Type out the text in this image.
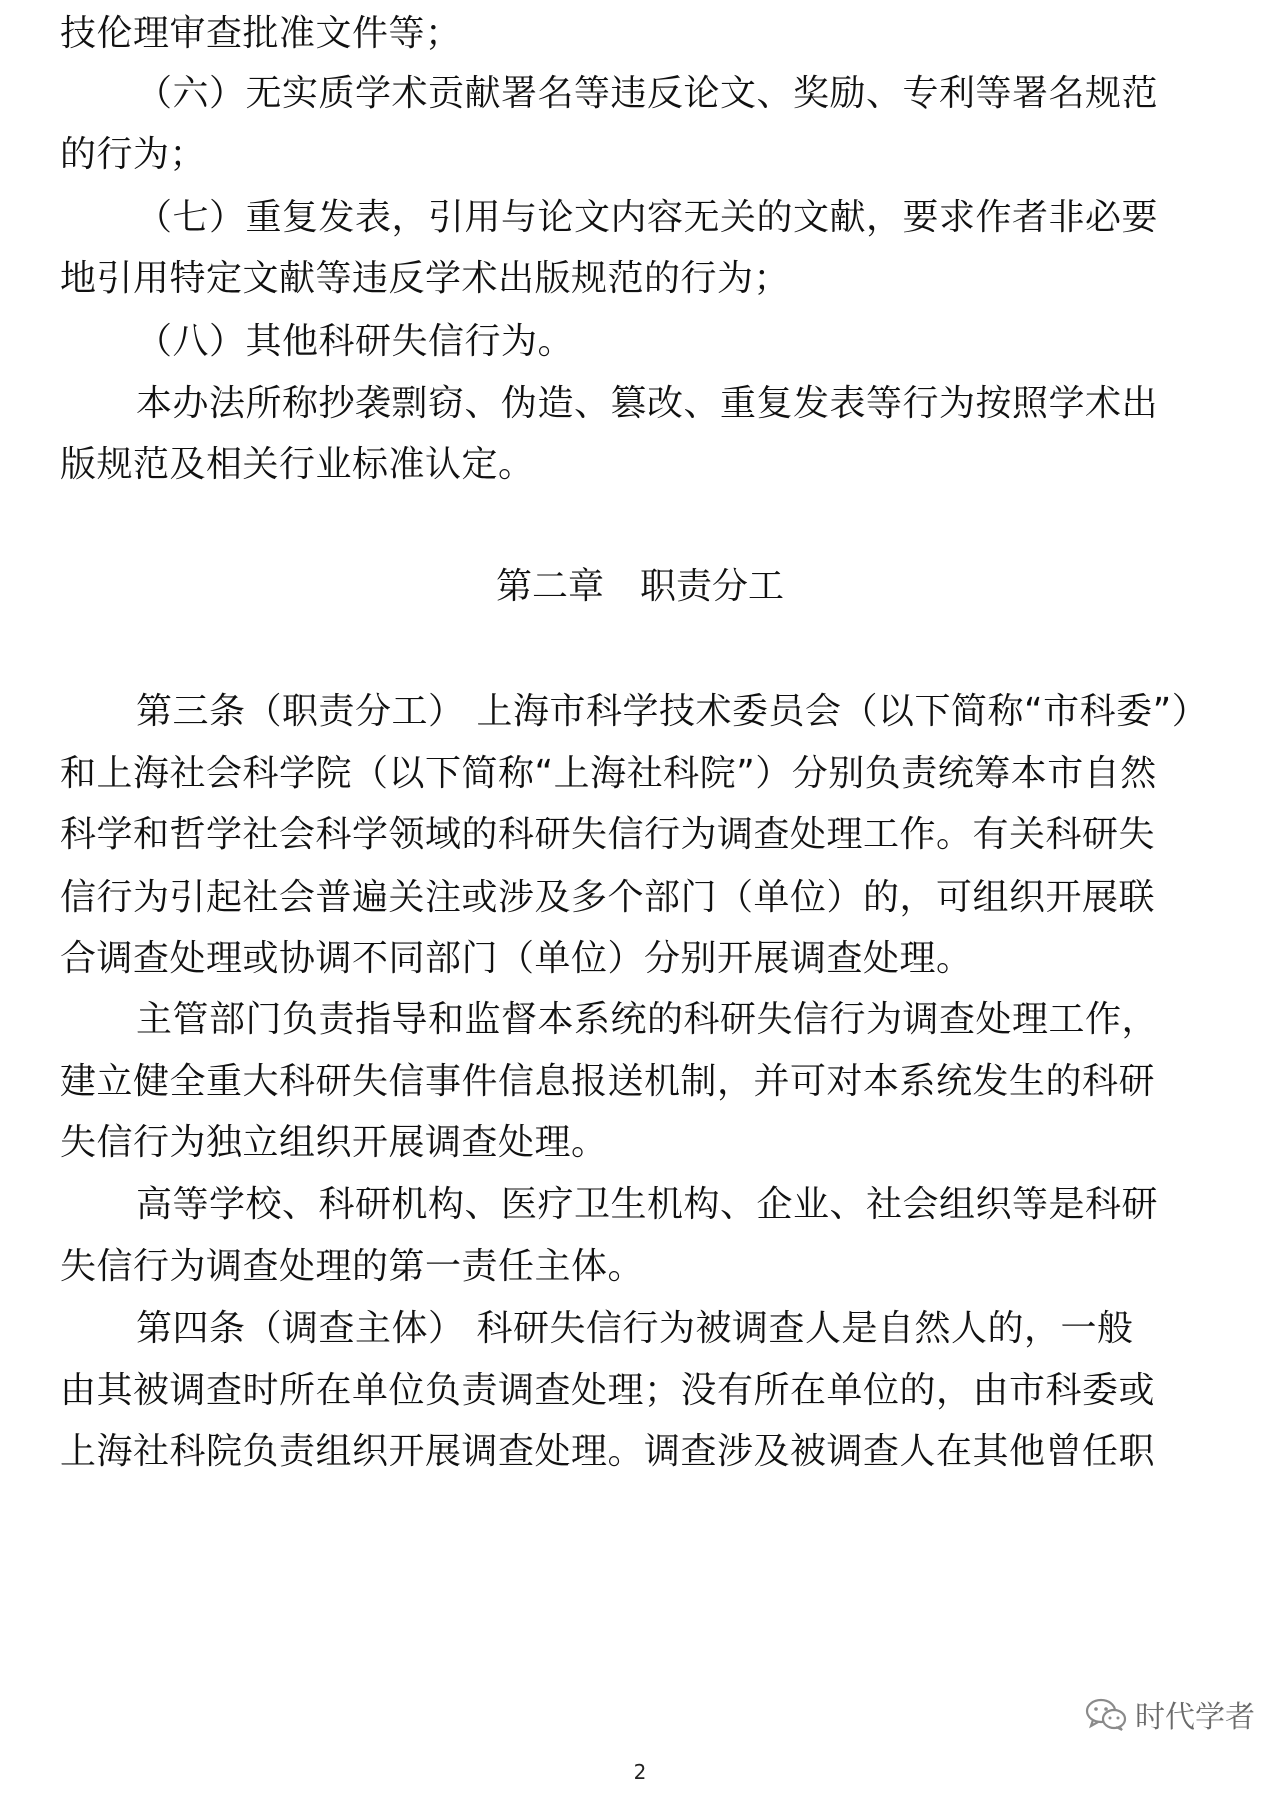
技伦理审查批准文件等；
（六）无实质学术贡献署名等违反论文、奖励、专利等署名规范
的行为；
（七）重复发表，引用与论文内容无关的文献，要求作者非必要
地引用特定文献等违反学术出版规范的行为；
（八）其他科研失信行为。
本办法所称抄袭剽窃、伪造、篡改、重复发表等行为按照学术出
版规范及相关行业标准认定。
第二章　职责分工
第三条（职责分工） 上海市科学技术委员会（以下简称“市科委”）
和上海社会科学院（以下简称“上海社科院”）分别负责统筹本市自然
科学和哲学社会科学领域的科研失信行为调查处理工作。有关科研失
信行为引起社会普遍关注或涉及多个部门（单位）的，可组织开展联
合调查处理或协调不同部门（单位）分别开展调查处理。
主管部门负责指导和监督本系统的科研失信行为调查处理工作，
建立健全重大科研失信事件信息报送机制，并可对本系统发生的科研
失信行为独立组织开展调查处理。
高等学校、科研机构、医疗卫生机构、企业、社会组织等是科研
失信行为调查处理的第一责任主体。
第四条（调查主体） 科研失信行为被调查人是自然人的，一般
由其被调查时所在单位负责调查处理；没有所在单位的，由市科委或
上海社科院负责组织开展调查处理。调查涉及被调查人在其他曾任职
时代学者
2
